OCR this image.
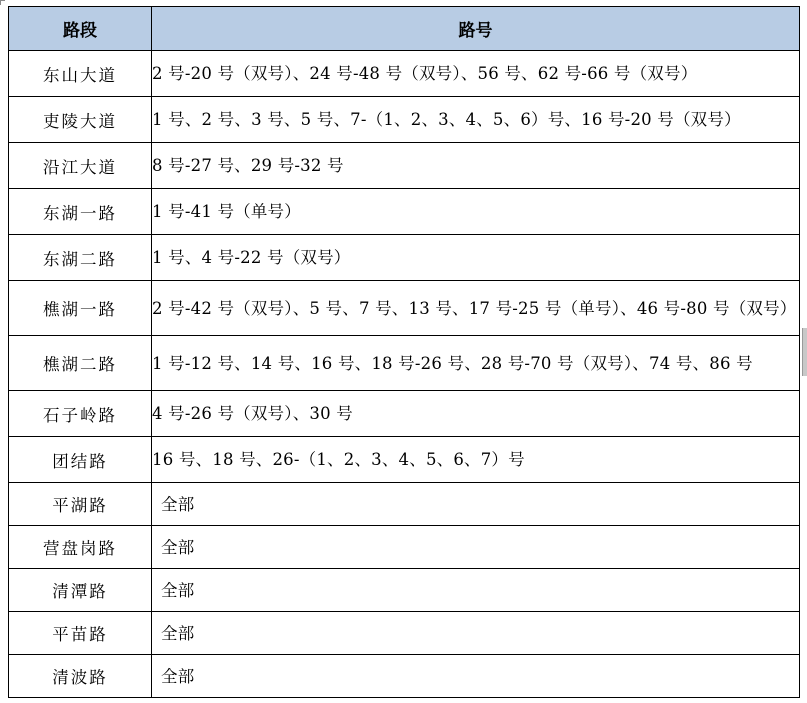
路段	路号
东山大道	2 号-20 号（双号）、24 号-48 号（双号）、56 号、62 号-66 号（双号）
吏陵大道	1 号、2 号、3 号、5 号、7-（1、2、3、4、5、6）号、16 号-20 号（双号）
沿江大道	8 号-27 号、29 号-32 号
东湖一路	1 号-41 号（单号）
东湖二路	1 号、4 号-22 号（双号）
樵湖一路	2 号-42 号（双号）、5 号、7 号、13 号、17 号-25 号（单号）、46 号-80 号（双号）
樵湖二路	1 号-12 号、14 号、16 号、18 号-26 号、28 号-70 号（双号）、74 号、86 号
石子岭路	4 号-26 号（双号）、30 号
团结路	16 号、18 号、26-（1、2、3、4、5、6、7）号
平湖路	全部
营盘岗路	全部
清潭路	全部
平苗路	全部
清波路	全部
